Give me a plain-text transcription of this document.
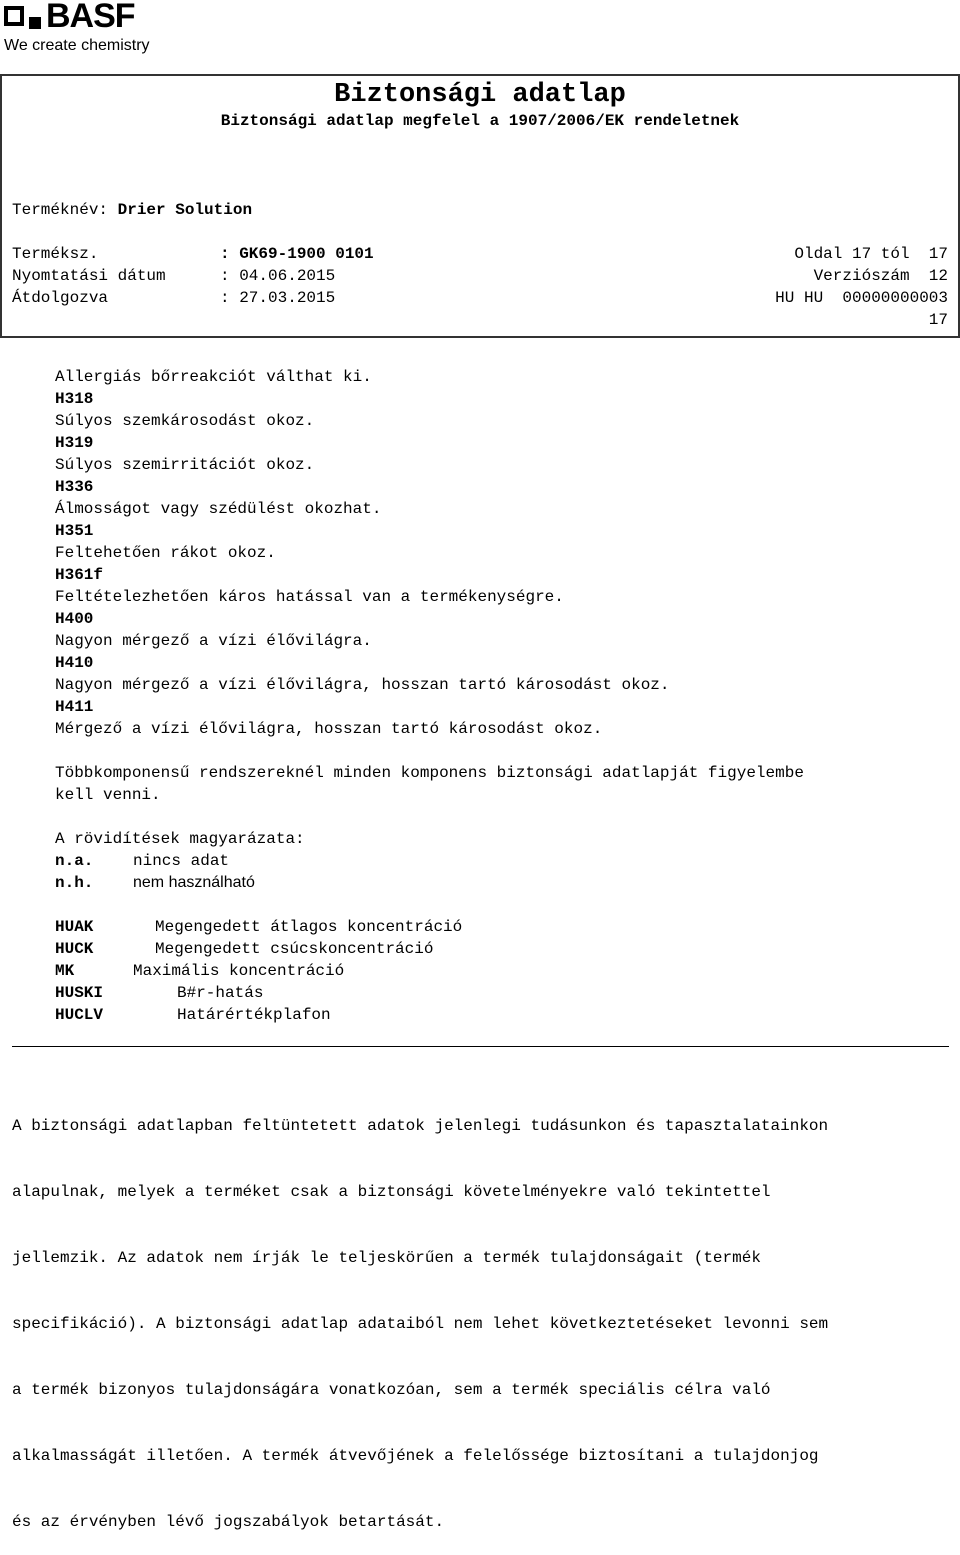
BASF
We create chemistry
Biztonsági adatlap
Biztonsági adatlap megfelel a 1907/2006/EK rendeletnek
Terméknév: Drier Solution
Terméksz.	: GK69-1900 0101	Oldal 17 tól  17
Nyomtatási dátum	: 04.06.2015	Verziószám  12
Átdolgozva	: 27.03.2015	HU HU  00000000003
17
Allergiás bőrreakciót válthat ki.
H318
Súlyos szemkárosodást okoz.
H319
Súlyos szemirritációt okoz.
H336
Álmosságot vagy szédülést okozhat.
H351
Feltehetően rákot okoz.
H361f
Feltételezhetően káros hatással van a termékenységre.
H400
Nagyon mérgező a vízi élővilágra.
H410
Nagyon mérgező a vízi élővilágra, hosszan tartó károsodást okoz.
H411
Mérgező a vízi élővilágra, hosszan tartó károsodást okoz.
Többkomponensű rendszereknél minden komponens biztonsági adatlapját figyelembe
kell venni.
A rövidítések magyarázata:
n.a. nincs adat
n.h. nem használható
HUAK	Megengedett átlagos koncentráció
HUCK	Megengedett csúcskoncentráció
MK	Maximális koncentráció
HUSKI	B#r-hatás
HUCLV	Határértékplafon

A biztonsági adatlapban feltüntetett adatok jelenlegi tudásunkon és tapasztalatainkon

alapulnak, melyek a terméket csak a biztonsági követelményekre való tekintettel

jellemzik. Az adatok nem írják le teljeskörűen a termék tulajdonságait (termék

specifikáció). A biztonsági adatlap adataiból nem lehet következtetéseket levonni sem

a termék bizonyos tulajdonságára vonatkozóan, sem a termék speciális célra való

alkalmasságát illetően. A termék átvevőjének a felelőssége biztosítani a tulajdonjog

és az érvényben lévő jogszabályok betartását.
